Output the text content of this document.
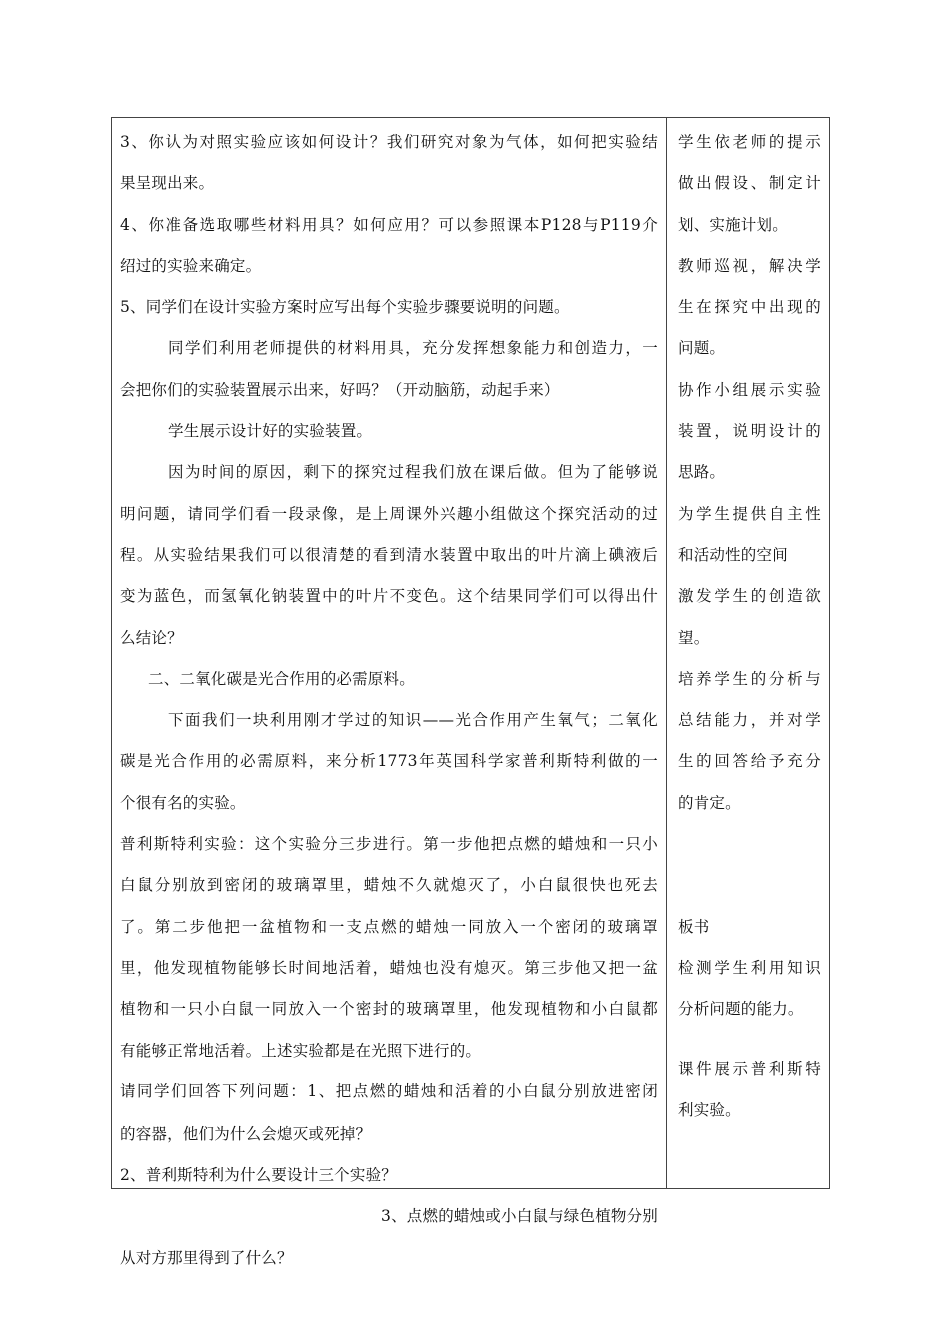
3、你认为对照实验应该如何设计？我们研究对象为气体，如何把实验结
果呈现出来。
4、你准备选取哪些材料用具？如何应用？可以参照课本P128与P119介
绍过的实验来确定。
5、同学们在设计实验方案时应写出每个实验步骤要说明的问题。
同学们利用老师提供的材料用具，充分发挥想象能力和创造力，一
会把你们的实验装置展示出来，好吗？（开动脑筋，动起手来）
学生展示设计好的实验装置。
因为时间的原因，剩下的探究过程我们放在课后做。但为了能够说
明问题，请同学们看一段录像，是上周课外兴趣小组做这个探究活动的过
程。从实验结果我们可以很清楚的看到清水装置中取出的叶片滴上碘液后
变为蓝色，而氢氧化钠装置中的叶片不变色。这个结果同学们可以得出什
么结论？
二、二氧化碳是光合作用的必需原料。
下面我们一块利用刚才学过的知识——光合作用产生氧气；二氧化
碳是光合作用的必需原料，来分析1773年英国科学家普利斯特利做的一
个很有名的实验。
普利斯特利实验：这个实验分三步进行。第一步他把点燃的蜡烛和一只小
白鼠分别放到密闭的玻璃罩里，蜡烛不久就熄灭了，小白鼠很快也死去
了。第二步他把一盆植物和一支点燃的蜡烛一同放入一个密闭的玻璃罩
里，他发现植物能够长时间地活着，蜡烛也没有熄灭。第三步他又把一盆
植物和一只小白鼠一同放入一个密封的玻璃罩里，他发现植物和小白鼠都
有能够正常地活着。上述实验都是在光照下进行的。
请同学们回答下列问题：1、把点燃的蜡烛和活着的小白鼠分别放进密闭
的容器，他们为什么会熄灭或死掉？
2、普利斯特利为什么要设计三个实验？
3、点燃的蜡烛或小白鼠与绿色植物分别
从对方那里得到了什么？
学生依老师的提示
做出假设、制定计
划、实施计划。
教师巡视，解决学
生在探究中出现的
问题。
协作小组展示实验
装置，说明设计的
思路。
为学生提供自主性
和活动性的空间
激发学生的创造欲
望。
培养学生的分析与
总结能力，并对学
生的回答给予充分
的肯定。
板书
检测学生利用知识
分析问题的能力。
课件展示普利斯特
利实验。
